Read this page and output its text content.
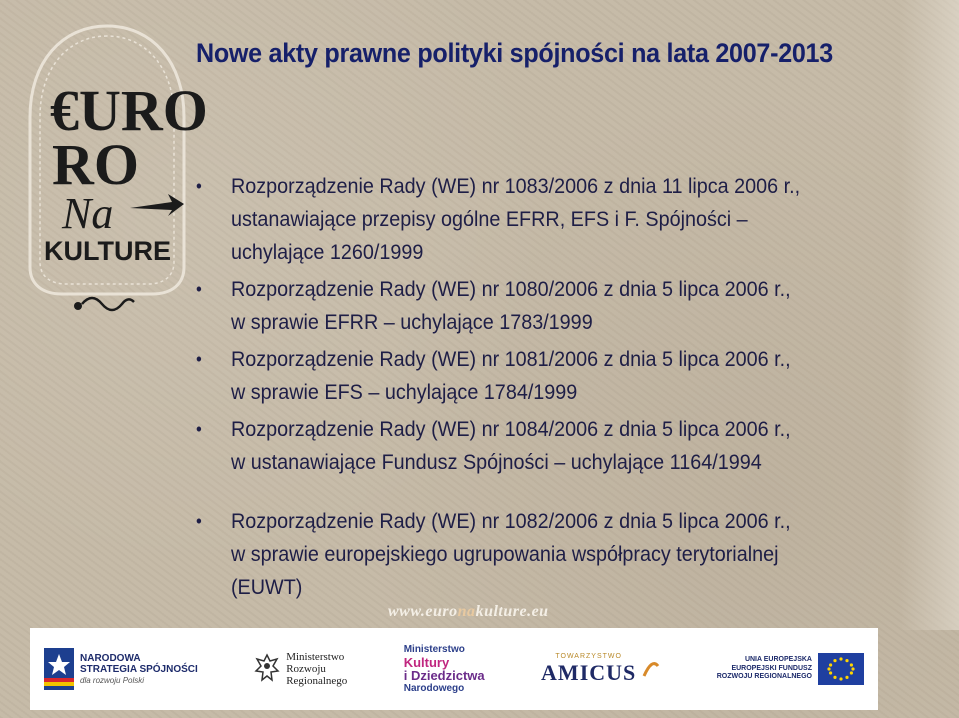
€URO
RO
Na
KULTURE
Nowe akty prawne polityki spójności na lata 2007-2013
• Rozporządzenie Rady (WE) nr 1083/2006 z dnia 11 lipca 2006 r.,
ustanawiające przepisy ogólne EFRR, EFS i F. Spójności –
uchylające 1260/1999
• Rozporządzenie Rady (WE) nr 1080/2006 z dnia 5 lipca 2006 r.,
w sprawie EFRR – uchylające 1783/1999
• Rozporządzenie Rady (WE) nr 1081/2006 z dnia 5 lipca 2006 r.,
w sprawie EFS – uchylające 1784/1999
• Rozporządzenie Rady (WE) nr 1084/2006 z dnia 5 lipca 2006 r.,
w ustanawiające Fundusz Spójności – uchylające 1164/1994
• Rozporządzenie Rady (WE) nr 1082/2006 z dnia 5 lipca 2006 r.,
w sprawie europejskiego ugrupowania współpracy terytorialnej
(EUWT)
www.euronakulture.eu
NARODOWA
STRATEGIA SPÓJNOŚCI
dla rozwoju Polski
Ministerstwo
Rozwoju
Regionalnego
Ministerstwo
Kultury
i Dziedzictwa
Narodowego
TOWARZYSTWO
AMICUS	UNIA EUROPEJSKA
EUROPEJSKI FUNDUSZ
ROZWOJU REGIONALNEGO
